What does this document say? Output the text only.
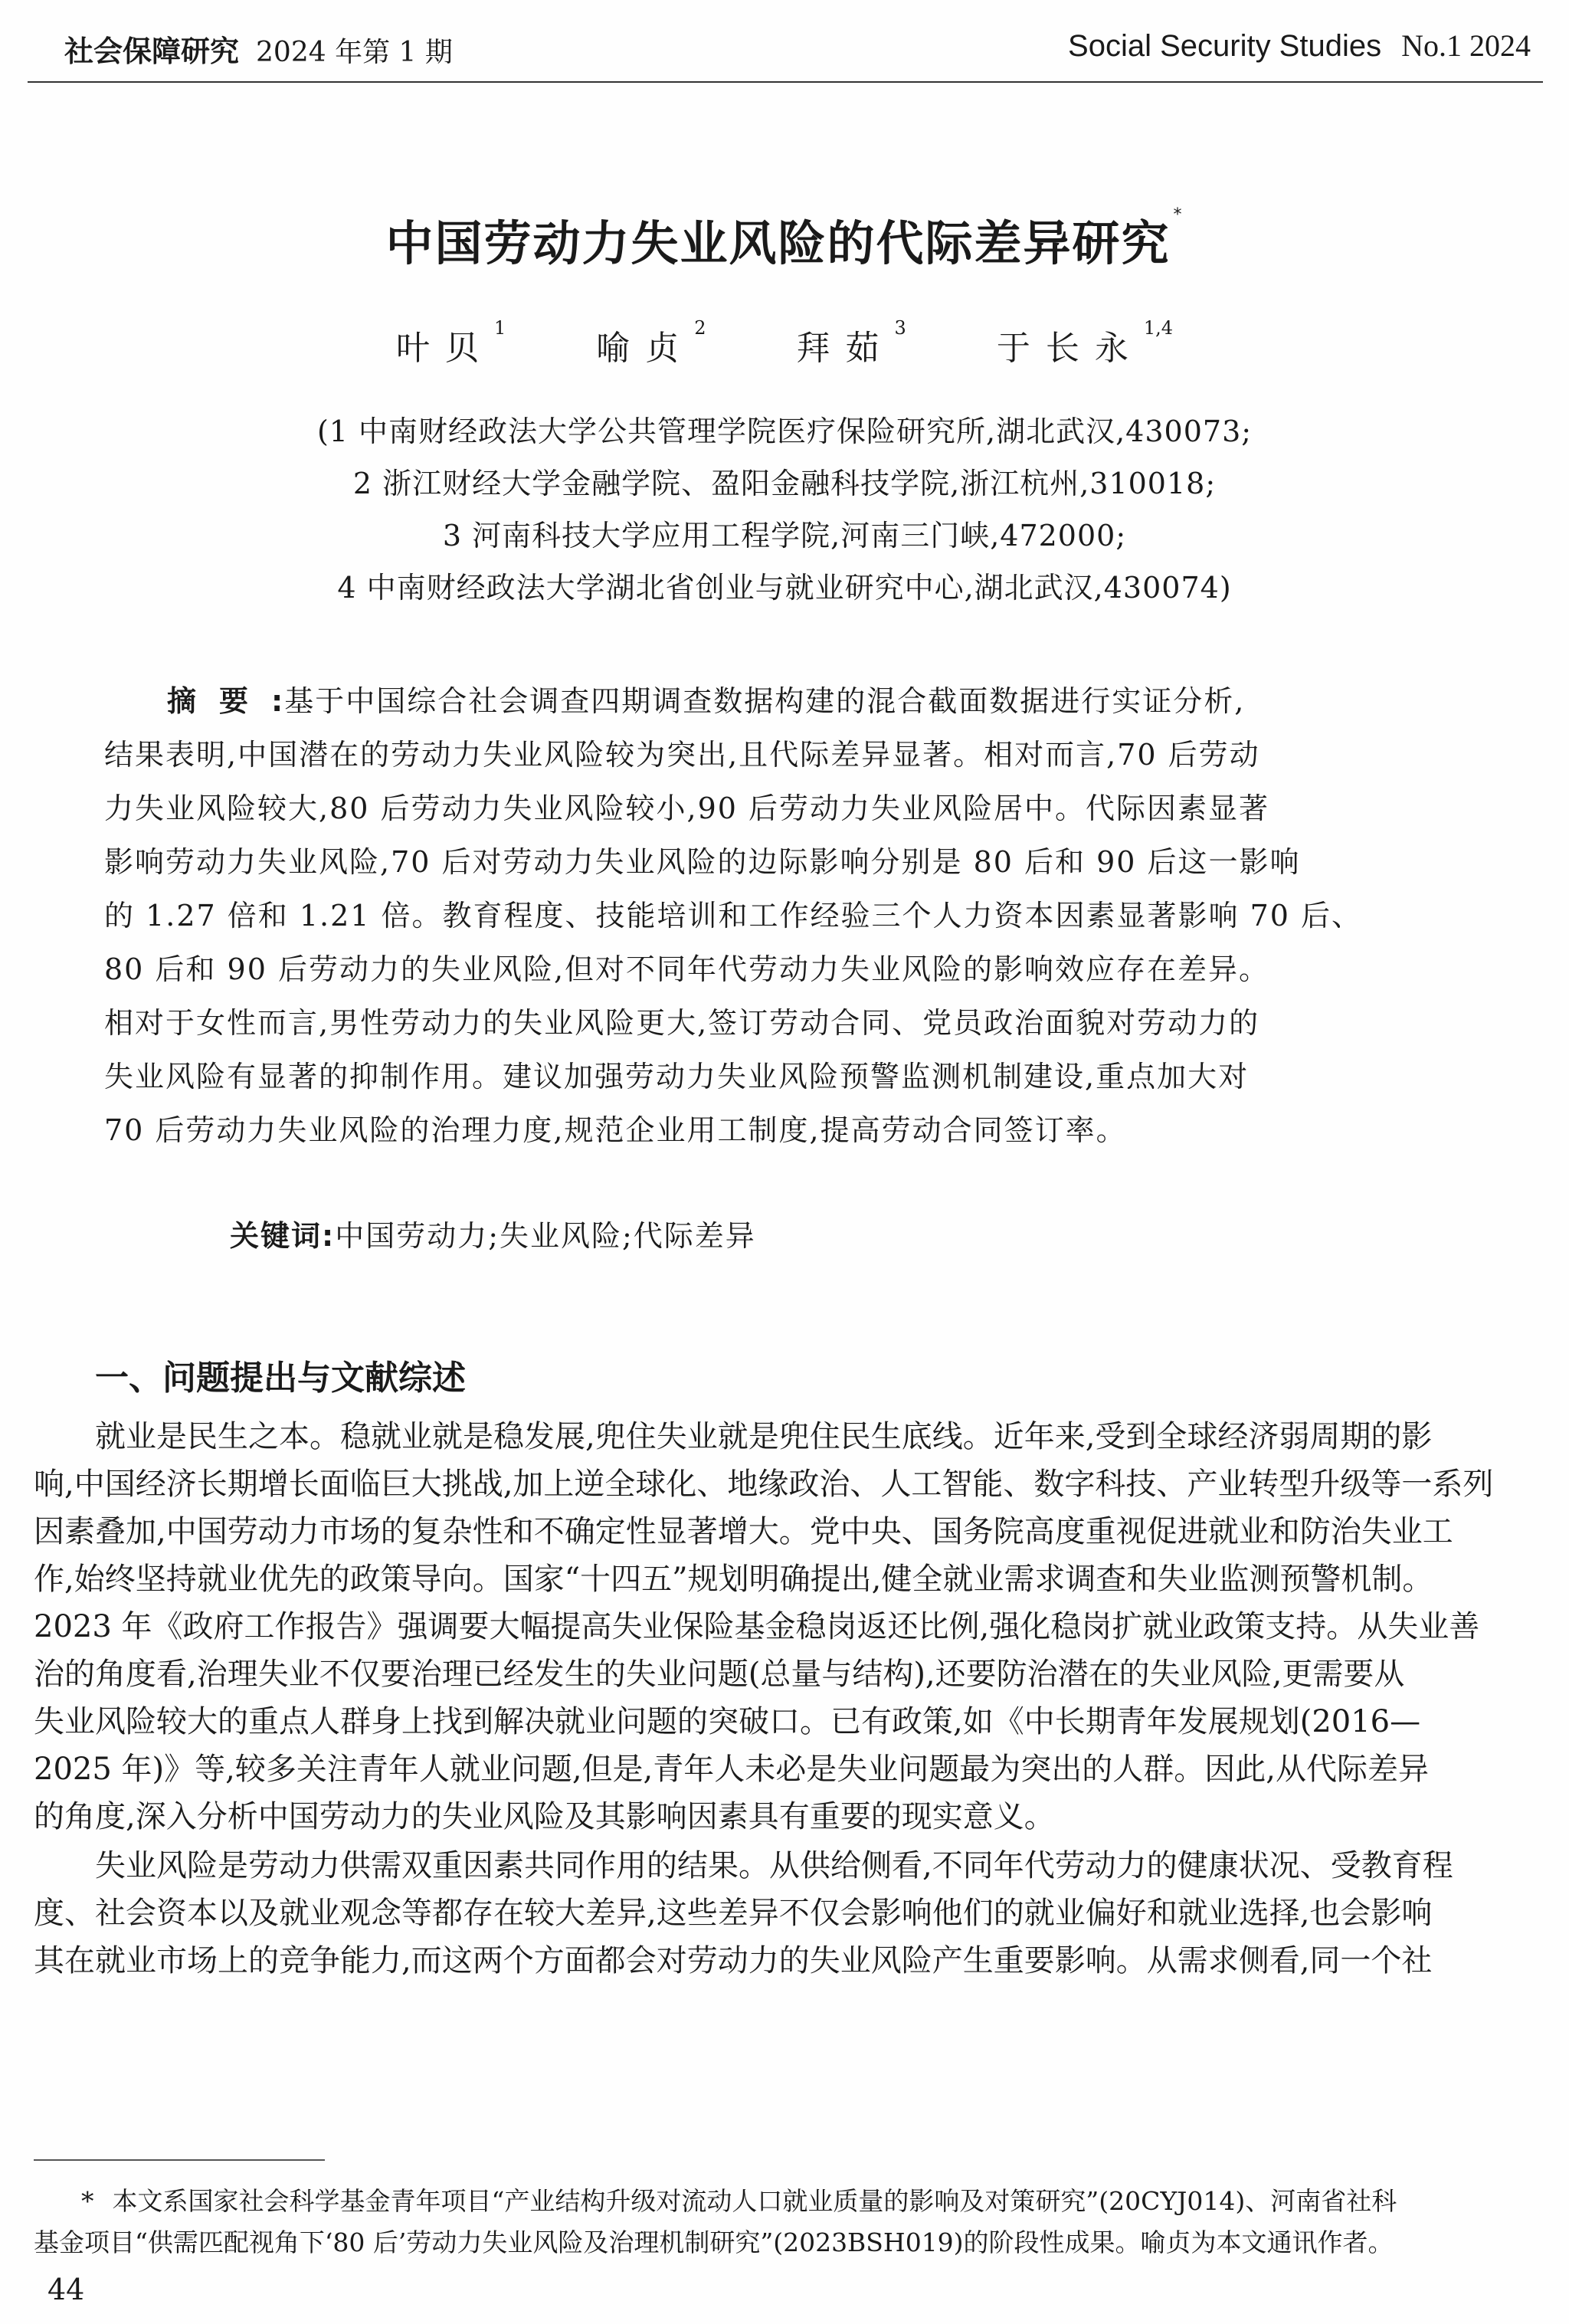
社会保障研究 2024 年第 1 期	Social Security Studies No.1 2024
中国劳动力失业风险的代际差异研究*
叶贝$^1$ 喻贞$^2$ 拜茹$^3$ 于长永$^{1,4}$
(1 中南财经政法大学公共管理学院医疗保险研究所,湖北武汉,430073;
2 浙江财经大学金融学院、盈阳金融科技学院,浙江杭州,310018;
3 河南科技大学应用工程学院,河南三门峡,472000;
4 中南财经政法大学湖北省创业与就业研究中心,湖北武汉,430074)
摘要:基于中国综合社会调查四期调查数据构建的混合截面数据进行实证分析,
结果表明,中国潜在的劳动力失业风险较为突出,且代际差异显著。相对而言,70 后劳动
力失业风险较大,80 后劳动力失业风险较小,90 后劳动力失业风险居中。代际因素显著
影响劳动力失业风险,70 后对劳动力失业风险的边际影响分别是 80 后和 90 后这一影响
的 1.27 倍和 1.21 倍。教育程度、技能培训和工作经验三个人力资本因素显著影响 70 后、
80 后和 90 后劳动力的失业风险,但对不同年代劳动力失业风险的影响效应存在差异。
相对于女性而言,男性劳动力的失业风险更大,签订劳动合同、党员政治面貌对劳动力的
失业风险有显著的抑制作用。建议加强劳动力失业风险预警监测机制建设,重点加大对
70 后劳动力失业风险的治理力度,规范企业用工制度,提高劳动合同签订率。
关键词:中国劳动力;失业风险;代际差异
一、问题提出与文献综述
就业是民生之本。稳就业就是稳发展,兜住失业就是兜住民生底线。近年来,受到全球经济弱周期的影
响,中国经济长期增长面临巨大挑战,加上逆全球化、地缘政治、人工智能、数字科技、产业转型升级等一系列
因素叠加,中国劳动力市场的复杂性和不确定性显著增大。党中央、国务院高度重视促进就业和防治失业工
作,始终坚持就业优先的政策导向。国家“十四五”规划明确提出,健全就业需求调查和失业监测预警机制。
2023 年《政府工作报告》强调要大幅提高失业保险基金稳岗返还比例,强化稳岗扩就业政策支持。从失业善
治的角度看,治理失业不仅要治理已经发生的失业问题(总量与结构),还要防治潜在的失业风险,更需要从
失业风险较大的重点人群身上找到解决就业问题的突破口。已有政策,如《中长期青年发展规划(2016—
2025 年)》等,较多关注青年人就业问题,但是,青年人未必是失业问题最为突出的人群。因此,从代际差异
的角度,深入分析中国劳动力的失业风险及其影响因素具有重要的现实意义。
失业风险是劳动力供需双重因素共同作用的结果。从供给侧看,不同年代劳动力的健康状况、受教育程
度、社会资本以及就业观念等都存在较大差异,这些差异不仅会影响他们的就业偏好和就业选择,也会影响
其在就业市场上的竞争能力,而这两个方面都会对劳动力的失业风险产生重要影响。从需求侧看,同一个社
* 本文系国家社会科学基金青年项目“产业结构升级对流动人口就业质量的影响及对策研究”(20CYJ014)、河南省社科
基金项目“供需匹配视角下‘80 后’劳动力失业风险及治理机制研究”(2023BSH019)的阶段性成果。喻贞为本文通讯作者。
44
